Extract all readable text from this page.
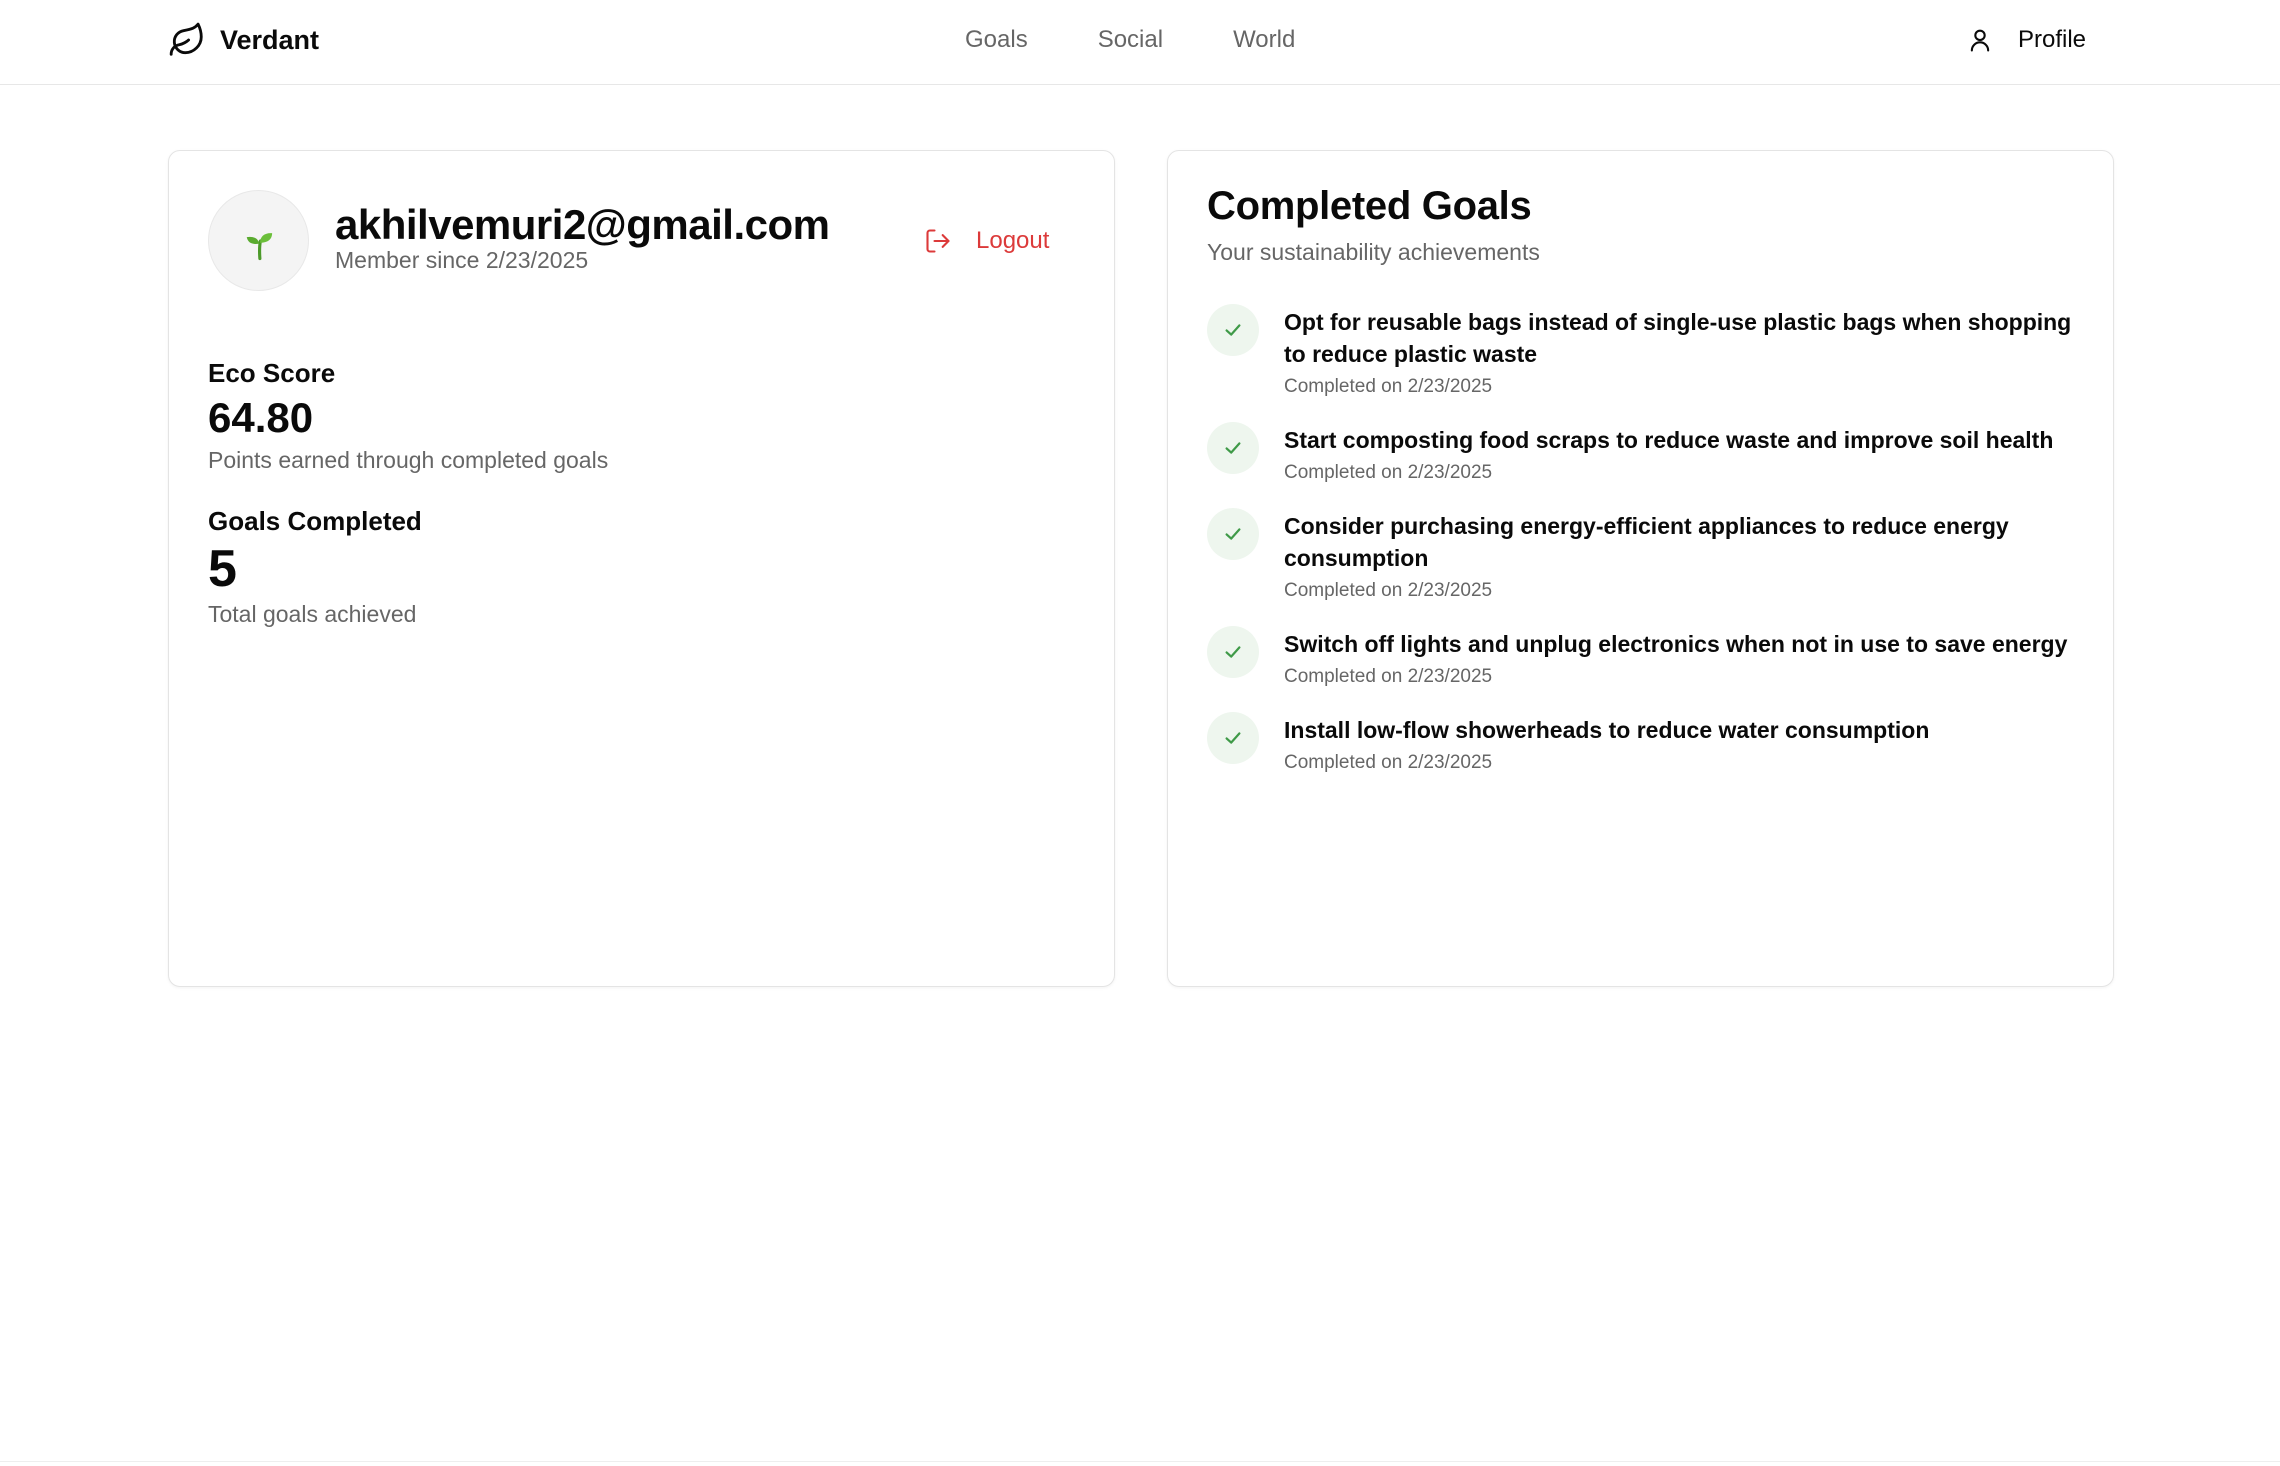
Verdant	Goals	Social	World	Profile
akhilvemuri2@gmail.com
Member since 2/23/2025
Logout
Eco Score
64.80
Points earned through completed goals
Goals Completed
5
Total goals achieved
Completed Goals
Your sustainability achievements
Opt for reusable bags instead of single-use plastic bags when shopping to reduce plastic waste
Completed on 2/23/2025
Start composting food scraps to reduce waste and improve soil health
Completed on 2/23/2025
Consider purchasing energy-efficient appliances to reduce energy consumption
Completed on 2/23/2025
Switch off lights and unplug electronics when not in use to save energy
Completed on 2/23/2025
Install low-flow showerheads to reduce water consumption
Completed on 2/23/2025
